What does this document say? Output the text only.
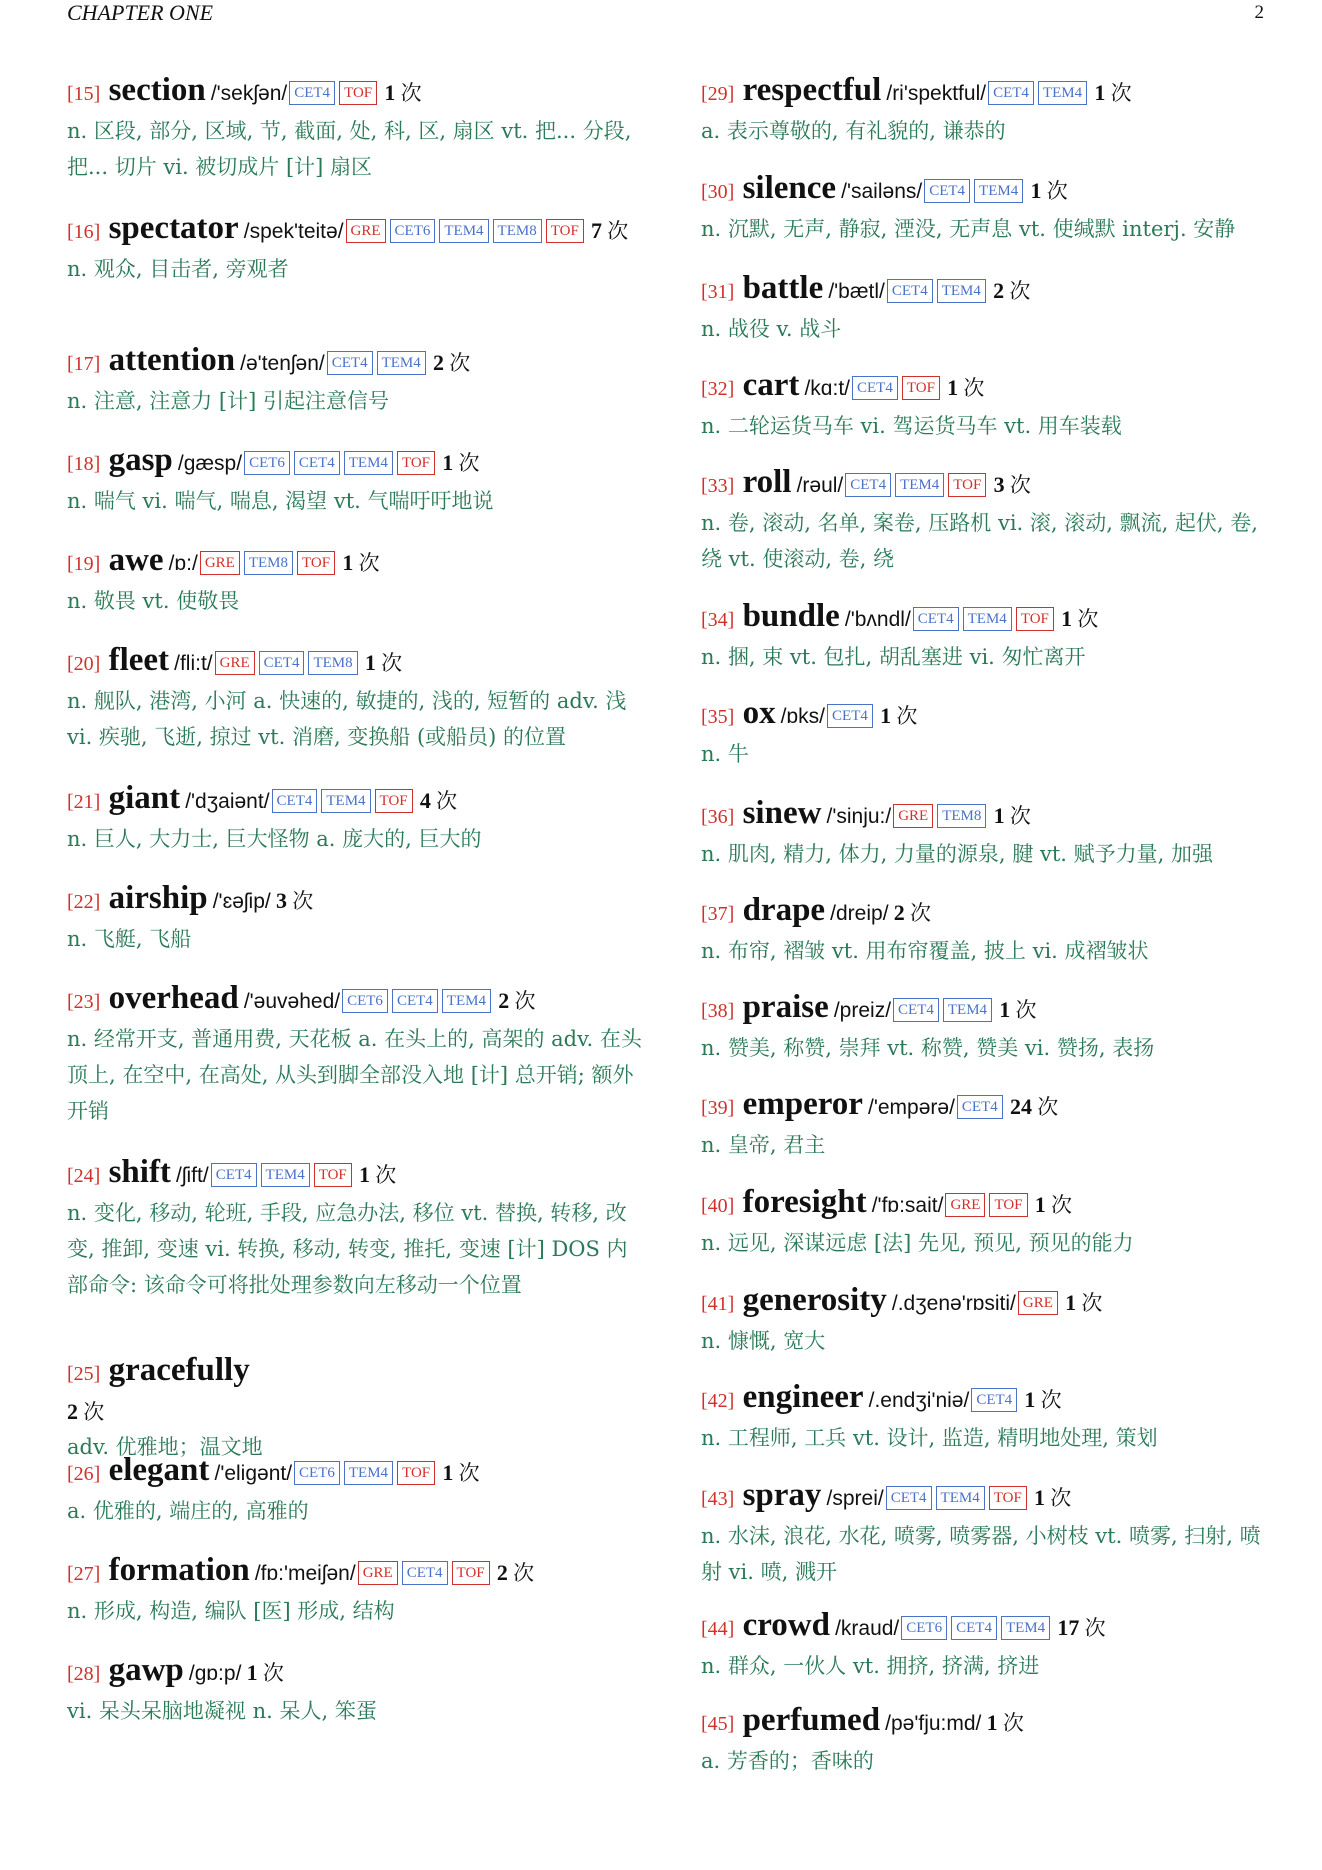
CHAPTER ONE	2
[15] section /'sekʃən/ CET4 TOF 1 次
n. 区段, 部分, 区域, 节, 截面, 处, 科, 区, 扇区 vt. 把... 分段, 把... 切片 vi. 被切成片 [计] 扇区
[16] spectator /spek'teitə/ GRE CET6 TEM4 TEM8 TOF 7 次
n. 观众, 目击者, 旁观者
[17] attention /ə'tenʃən/ CET4 TEM4 2 次
n. 注意, 注意力 [计] 引起注意信号
[18] gasp /gæsp/ CET6 CET4 TEM4 TOF 1 次
n. 喘气 vi. 喘气, 喘息, 渴望 vt. 气喘吁吁地说
[19] awe /ɒ:/ GRE TEM8 TOF 1 次
n. 敬畏 vt. 使敬畏
[20] fleet /fli:t/ GRE CET4 TEM8 1 次
n. 舰队, 港湾, 小河 a. 快速的, 敏捷的, 浅的, 短暂的 adv. 浅 vi. 疾驰, 飞逝, 掠过 vt. 消磨, 变换船 (或船员) 的位置
[21] giant /'dʒaiənt/ CET4 TEM4 TOF 4 次
n. 巨人, 大力士, 巨大怪物 a. 庞大的, 巨大的
[22] airship /'ɛəʃip/ 3 次
n. 飞艇, 飞船
[23] overhead /'əuvəhed/ CET6 CET4 TEM4 2 次
n. 经常开支, 普通用费, 天花板 a. 在头上的, 高架的 adv. 在头顶上, 在空中, 在高处, 从头到脚全部没入地 [计] 总开销; 额外开销
[24] shift /ʃift/ CET4 TEM4 TOF 1 次
n. 变化, 移动, 轮班, 手段, 应急办法, 移位 vt. 替换, 转移, 改变, 推卸, 变速 vi. 转换, 移动, 转变, 推托, 变速 [计] DOS 内部命令: 该命令可将批处理参数向左移动一个位置
[25] gracefully
2 次
adv. 优雅地；温文地
[26] elegant /'eligənt/ CET6 TEM4 TOF 1 次
a. 优雅的, 端庄的, 高雅的
[27] formation /fɒ:'meiʃən/ GRE CET4 TOF 2 次
n. 形成, 构造, 编队 [医] 形成, 结构
[28] gawp /gɒ:p/ 1 次
vi. 呆头呆脑地凝视 n. 呆人, 笨蛋
[29] respectful /ri'spektful/ CET4 TEM4 1 次
a. 表示尊敬的, 有礼貌的, 谦恭的
[30] silence /'sailəns/ CET4 TEM4 1 次
n. 沉默, 无声, 静寂, 湮没, 无声息 vt. 使缄默 interj. 安静
[31] battle /'bætl/ CET4 TEM4 2 次
n. 战役 v. 战斗
[32] cart /kɑ:t/ CET4 TOF 1 次
n. 二轮运货马车 vi. 驾运货马车 vt. 用车装载
[33] roll /rəul/ CET4 TEM4 TOF 3 次
n. 卷, 滚动, 名单, 案卷, 压路机 vi. 滚, 滚动, 飘流, 起伏, 卷, 绕 vt. 使滚动, 卷, 绕
[34] bundle /'bʌndl/ CET4 TEM4 TOF 1 次
n. 捆, 束 vt. 包扎, 胡乱塞进 vi. 匆忙离开
[35] ox /ɒks/ CET4 1 次
n. 牛
[36] sinew /'sinju:/ GRE TEM8 1 次
n. 肌肉, 精力, 体力, 力量的源泉, 腱 vt. 赋予力量, 加强
[37] drape /dreip/ 2 次
n. 布帘, 褶皱 vt. 用布帘覆盖, 披上 vi. 成褶皱状
[38] praise /preiz/ CET4 TEM4 1 次
n. 赞美, 称赞, 崇拜 vt. 称赞, 赞美 vi. 赞扬, 表扬
[39] emperor /'empərə/ CET4 24 次
n. 皇帝, 君主
[40] foresight /'fɒ:sait/ GRE TOF 1 次
n. 远见, 深谋远虑 [法] 先见, 预见, 预见的能力
[41] generosity /.dʒenə'rɒsiti/ GRE 1 次
n. 慷慨, 宽大
[42] engineer /.endʒi'niə/ CET4 1 次
n. 工程师, 工兵 vt. 设计, 监造, 精明地处理, 策划
[43] spray /sprei/ CET4 TEM4 TOF 1 次
n. 水沫, 浪花, 水花, 喷雾, 喷雾器, 小树枝 vt. 喷雾, 扫射, 喷射 vi. 喷, 溅开
[44] crowd /kraud/ CET6 CET4 TEM4 17 次
n. 群众, 一伙人 vt. 拥挤, 挤满, 挤进
[45] perfumed /pə'fju:md/ 1 次
a. 芳香的；香味的
